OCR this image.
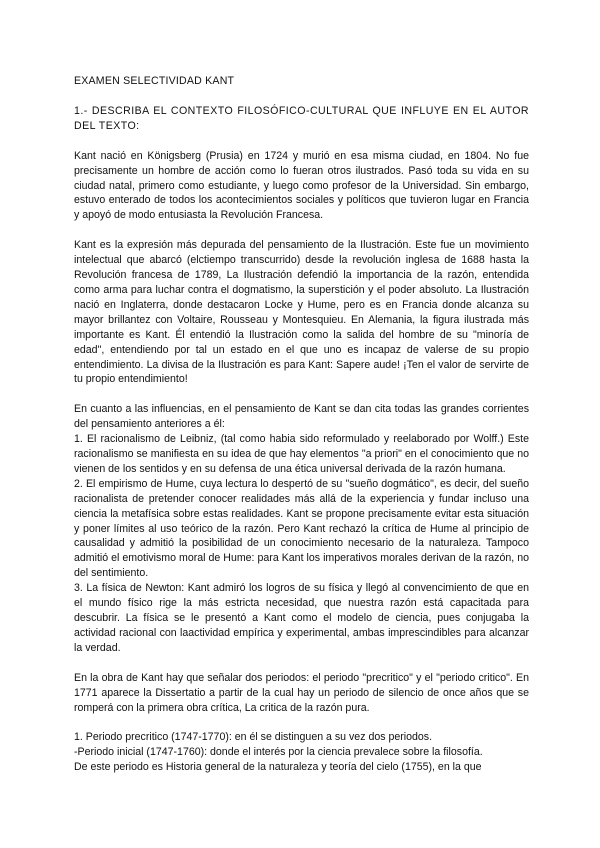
EXAMEN SELECTIVIDAD KANT

1.- DESCRIBA EL CONTEXTO FILOSÓFICO-CULTURAL QUE INFLUYE EN EL AUTOR DEL TEXTO:

Kant nació en Königsberg (Prusia) en 1724 y murió en esa misma ciudad, en 1804. No fue precisamente un hombre de acción como lo fueran otros ilustrados. Pasó toda su vida en su ciudad natal, primero como estudiante, y luego como profesor de la Universidad. Sin embargo, estuvo enterado de todos los acontecimientos sociales y políticos que tuvieron lugar en Francia y apoyó de modo entusiasta la Revolución Francesa.

Kant es la expresión más depurada del pensamiento de la Ilustración. Este fue un movimiento intelectual que abarcó (elctiempo transcurrido) desde la revolución inglesa de 1688 hasta la Revolución francesa de 1789, La Ilustración defendió la importancia de la razón, entendida como arma para luchar contra el dogmatismo, la superstición y el poder absoluto. La Ilustración nació en Inglaterra, donde destacaron Locke y Hume, pero es en Francia donde alcanza su mayor brillantez con Voltaire, Rousseau y Montesquieu. En Alemania, la figura ilustrada más importante es Kant. Él entendió la Ilustración como la salida del hombre de su "minoría de edad", entendiendo por tal un estado en el que uno es incapaz de valerse de su propio entendimiento. La divisa de la Ilustración es para Kant: Sapere aude! ¡Ten el valor de servirte de tu propio entendimiento!

En cuanto a las influencias, en el pensamiento de Kant se dan cita todas las grandes corrientes del pensamiento anteriores a él:

1. El racionalismo de Leibniz, (tal como habia sido reformulado y reelaborado por Wolff.) Este racionalismo se manifiesta en su idea de que hay elementos "a priori" en el conocimiento que no vienen de los sentidos y en su defensa de una ética universal derivada de la razón humana.

2. El empirismo de Hume, cuya lectura lo despertó de su "sueño dogmático", es decir, del sueño racionalista de pretender conocer realidades más allá de la experiencia y fundar incluso una ciencia la metafísica sobre estas realidades. Kant se propone precisamente evitar esta situación y poner límites al uso teórico de la razón. Pero Kant rechazó la crítica de Hume al principio de causalidad y admitió la posibilidad de un conocimiento necesario de la naturaleza. Tampoco admitió el emotivismo moral de Hume: para Kant los imperativos morales derivan de la razón, no del sentimiento.

3. La física de Newton: Kant admiró los logros de su física y llegó al convencimiento de que en el mundo físico rige la más estricta necesidad, que nuestra razón está capacitada para descubrir. La física se le presentó a Kant como el modelo de ciencia, pues conjugaba la actividad racional con laactividad empírica y experimental, ambas imprescindibles para alcanzar la verdad.

En la obra de Kant hay que señalar dos periodos: el periodo "precritico" y el "periodo critico". En 1771 aparece la Dissertatio a partir de la cual hay un periodo de silencio de once años que se romperá con la primera obra crítica, La critica de la razón pura.

1. Periodo precritico (1747-1770): en él se distinguen a su vez dos periodos.

-Periodo inicial (1747-1760): donde el interés por la ciencia prevalece sobre la filosofía.

De este periodo es Historia general de la naturaleza y teoría del cielo (1755), en la que
